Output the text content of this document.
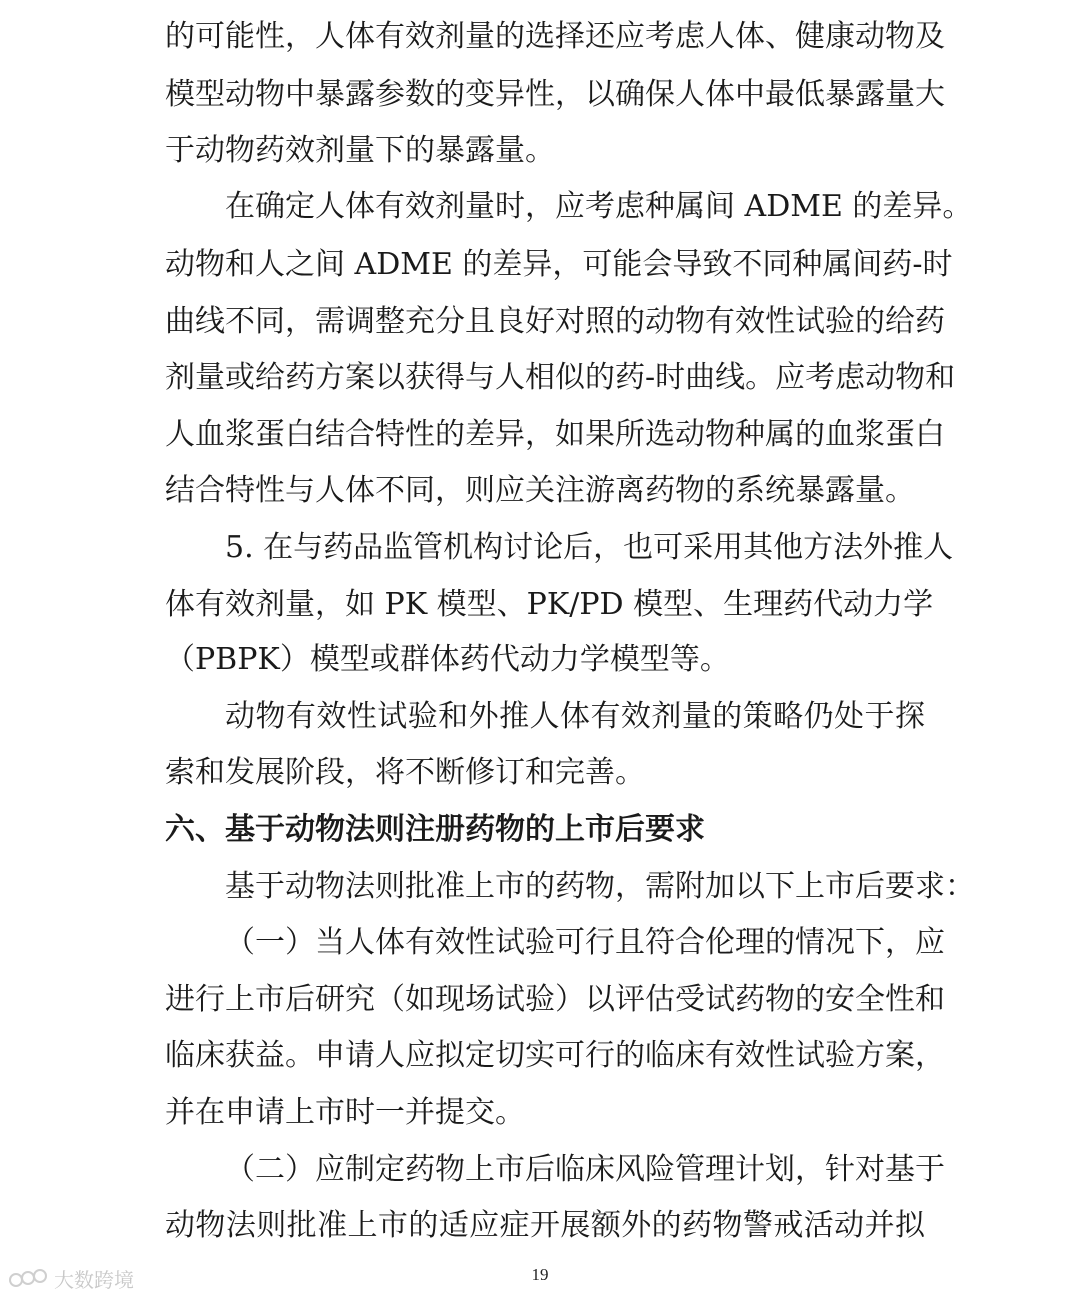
的可能性，人体有效剂量的选择还应考虑人体、健康动物及
模型动物中暴露参数的变异性，以确保人体中最低暴露量大
于动物药效剂量下的暴露量。
在确定人体有效剂量时，应考虑种属间 ADME 的差异。
动物和人之间 ADME 的差异，可能会导致不同种属间药-时
曲线不同，需调整充分且良好对照的动物有效性试验的给药
剂量或给药方案以获得与人相似的药-时曲线。应考虑动物和
人血浆蛋白结合特性的差异，如果所选动物种属的血浆蛋白
结合特性与人体不同，则应关注游离药物的系统暴露量。
5. 在与药品监管机构讨论后，也可采用其他方法外推人
体有效剂量，如 PK 模型、PK/PD 模型、生理药代动力学
（PBPK）模型或群体药代动力学模型等。
动物有效性试验和外推人体有效剂量的策略仍处于探
索和发展阶段，将不断修订和完善。
六、基于动物法则注册药物的上市后要求
基于动物法则批准上市的药物，需附加以下上市后要求：
（一）当人体有效性试验可行且符合伦理的情况下，应
进行上市后研究（如现场试验）以评估受试药物的安全性和
临床获益。申请人应拟定切实可行的临床有效性试验方案，
并在申请上市时一并提交。
（二）应制定药物上市后临床风险管理计划，针对基于
动物法则批准上市的适应症开展额外的药物警戒活动并拟
19
大数跨境
